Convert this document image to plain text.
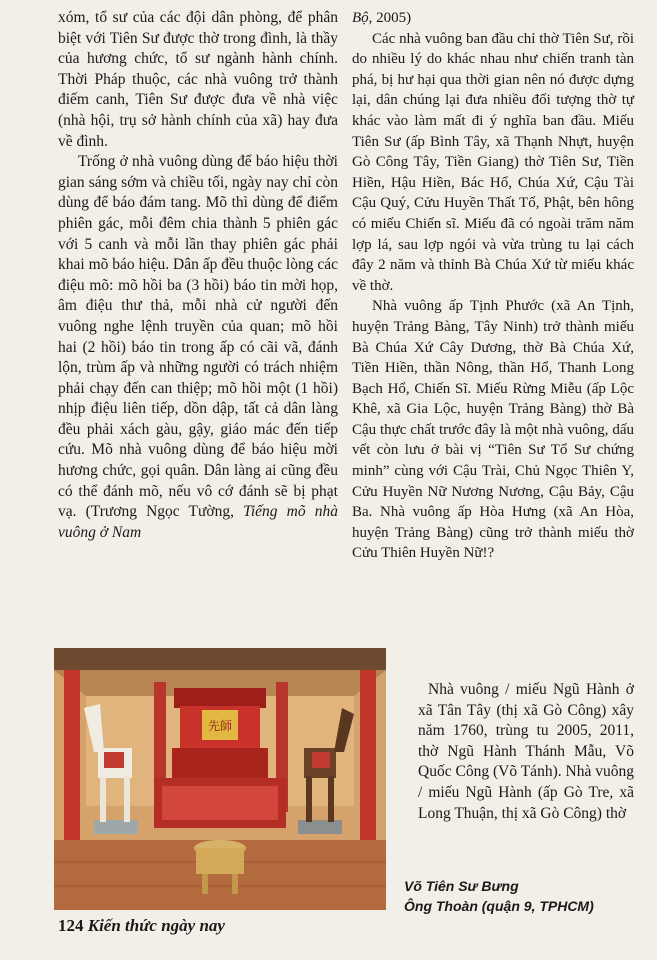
xóm, tổ sư của các đội dân phòng, để phân biệt với Tiên Sư được thờ trong đình, là thầy của hương chức, tổ sư ngành hành chính. Thời Pháp thuộc, các nhà vuông trở thành điếm canh, Tiên Sư được đưa về nhà việc (nhà hội, trụ sở hành chính của xã) hay đưa về đình.

Trống ở nhà vuông dùng để báo hiệu thời gian sáng sớm và chiều tối, ngày nay chỉ còn dùng để báo đám tang. Mõ thì dùng để điểm phiên gác, mỗi đêm chia thành 5 phiên gác với 5 canh và mỗi lần thay phiên gác phải khai mõ báo hiệu. Dân ấp đều thuộc lòng các điệu mõ: mõ hồi ba (3 hồi) báo tin mời họp, âm điệu thư thả, mỗi nhà cử người đến vuông nghe lệnh truyền của quan; mõ hồi hai (2 hồi) báo tin trong ấp có cãi vã, đánh lộn, trùm ấp và những người có trách nhiệm phải chạy đến can thiệp; mõ hồi một (1 hồi) nhịp điệu liên tiếp, dồn dập, tất cả dân làng đều phải xách gàu, gậy, giáo mác đến tiếp cứu. Mõ nhà vuông dùng để báo hiệu mời hương chức, gọi quân. Dân làng ai cũng đều có thể đánh mõ, nếu vô cớ đánh sẽ bị phạt vạ. (Trương Ngọc Tường, Tiếng mõ nhà vuông ở Nam

Bộ, 2005)

Các nhà vuông ban đầu chỉ thờ Tiên Sư, rồi do nhiều lý do khác nhau như chiến tranh tàn phá, bị hư hại qua thời gian nên nó được dựng lại, dân chúng lại đưa nhiều đối tượng thờ tự khác vào làm mất đi ý nghĩa ban đầu. Miếu Tiên Sư (ấp Bình Tây, xã Thạnh Nhựt, huyện Gò Công Tây, Tiền Giang) thờ Tiên Sư, Tiền Hiền, Hậu Hiền, Bác Hổ, Chúa Xứ, Cậu Tài Cậu Quý, Cửu Huyền Thất Tổ, Phật, bên hông có miếu Chiến sĩ. Miếu đã có ngoài trăm năm lợp lá, sau lợp ngói và vừa trùng tu lại cách đây 2 năm và thỉnh Bà Chúa Xứ từ miếu khác về thờ.

Nhà vuông ấp Tịnh Phước (xã An Tịnh, huyện Trảng Bàng, Tây Ninh) trở thành miếu Bà Chúa Xứ Cây Dương, thờ Bà Chúa Xứ, Tiền Hiền, thần Nông, thần Hổ, Thanh Long Bạch Hổ, Chiến Sĩ. Miếu Rừng Miễu (ấp Lộc Khê, xã Gia Lộc, huyện Trảng Bàng) thờ Bà Cậu thực chất trước đây là một nhà vuông, dấu vết còn lưu ở bài vị “Tiên Sư Tổ Sư chứng minh” cùng với Cậu Trài, Chủ Ngọc Thiên Y, Cửu Huyền Nữ Nương Nương, Cậu Bảy, Cậu Ba. Nhà vuông ấp Hòa Hưng (xã An Hòa, huyện Trảng Bàng) cũng trở thành miếu thờ Cửu Thiên Huyền Nữ!?

Nhà vuông / miếu Ngũ Hành ở xã Tân Tây (thị xã Gò Công) xây năm 1760, trùng tu 2005, 2011, thờ Ngũ Hành Thánh Mẫu, Võ Quốc Công (Võ Tánh). Nhà vuông / miếu Ngũ Hành (ấp Gò Tre, xã Long Thuận, thị xã Gò Công) thờ

先師
Võ Tiên Sư Bưng
Ông Thoàn (quận 9, TPHCM)
124 Kiến thức ngày nay
